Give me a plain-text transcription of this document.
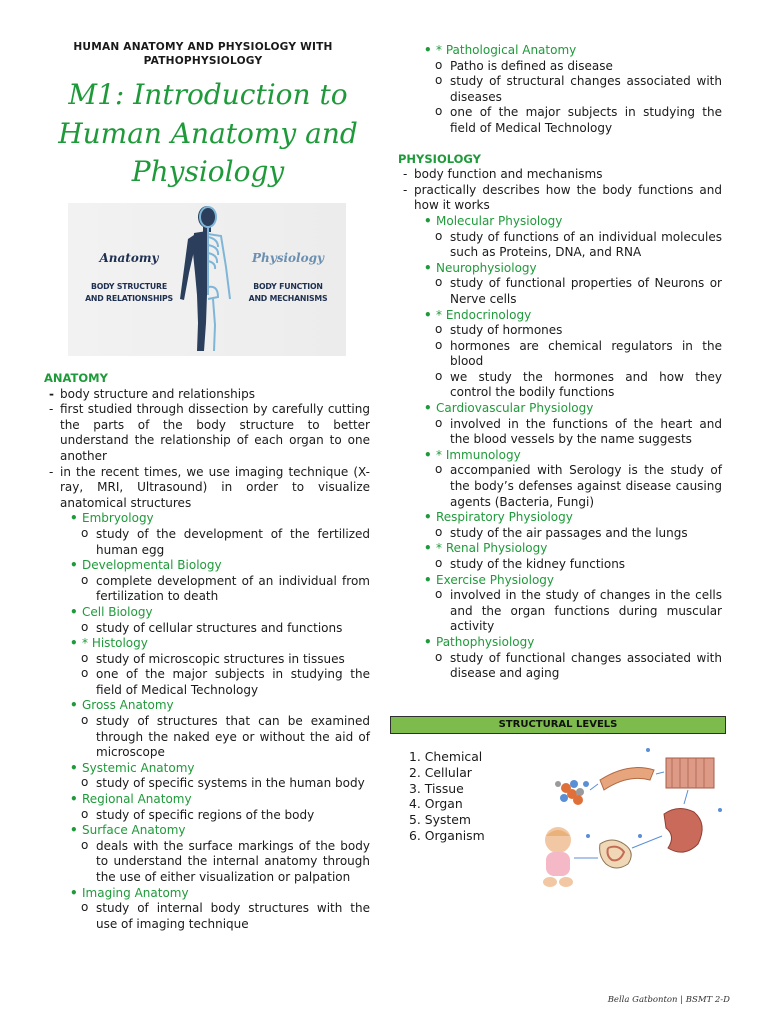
HUMAN ANATOMY AND PHYSIOLOGY WITH
PATHOPHYSIOLOGY
M1: Introduction to
Human Anatomy and
Physiology
Anatomy
BODY STRUCTURE
AND RELATIONSHIPS
Physiology
BODY FUNCTION
AND MECHANISMS

ANATOMY

- body structure and relationships

- first studied through dissection by carefully cutting the parts of the body structure to better understand the relationship of each organ to one another

- in the recent times, we use imaging technique (X-ray, MRI, Ultrasound) in order to visualize anatomical structures

• Embryology

o study of the development of the fertilized human egg

• Developmental Biology

o complete development of an individual from fertilization to death

• Cell Biology

o study of cellular structures and functions

• * Histology

o study of microscopic structures in tissues

o one of the major subjects in studying the field of Medical Technology

• Gross Anatomy

o study of structures that can be examined through the naked eye or without the aid of microscope

• Systemic Anatomy

o study of specific systems in the human body

• Regional Anatomy

o study of specific regions of the body

• Surface Anatomy

o deals with the surface markings of the body to understand the internal anatomy through the use of either visualization or palpation

• Imaging Anatomy

o study of internal body structures with the use of imaging technique

• * Pathological Anatomy

o Patho is defined as disease

o study of structural changes associated with diseases

o one of the major subjects in studying the field of Medical Technology

PHYSIOLOGY

- body function and mechanisms

- practically describes how the body functions and how it works

• Molecular Physiology

o study of functions of an individual molecules such as Proteins, DNA, and RNA

• Neurophysiology

o study of functional properties of Neurons or Nerve cells

• * Endocrinology

o study of hormones

o hormones are chemical regulators in the blood

o we study the hormones and how they control the bodily functions

• Cardiovascular Physiology

o involved in the functions of the heart and the blood vessels by the name suggests

• * Immunology

o accompanied with Serology is the study of the body’s defenses against disease causing agents (Bacteria, Fungi)

• Respiratory Physiology

o study of the air passages and the lungs

• * Renal Physiology

o study of the kidney functions

• Exercise Physiology

o involved in the study of changes in the cells and the organ functions during muscular activity

• Pathophysiology

o study of functional changes associated with disease and aging

STRUCTURAL LEVELS
1. Chemical
2. Cellular
3. Tissue
4. Organ
5. System
6. Organism
Bella Gatbonton | BSMT 2-D
